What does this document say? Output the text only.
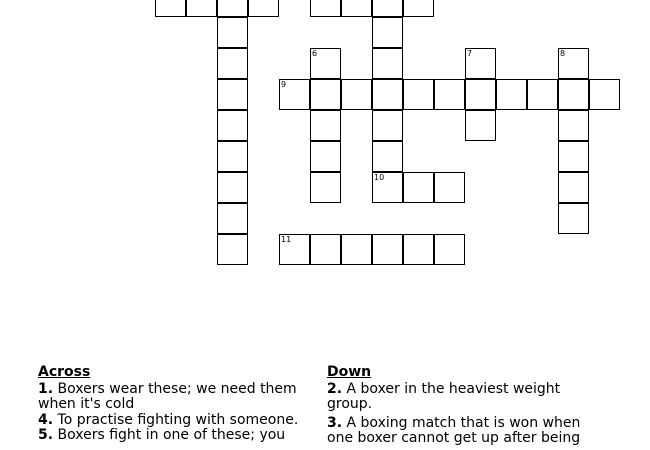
6	7	8
9
10
11
Across
1. Boxers wear these; we need them when it's cold
4. To practise fighting with someone.
5. Boxers fight in one of these; you
Down
2. A boxer in the heaviest weight group.
3. A boxing match that is won when one boxer cannot get up after being
